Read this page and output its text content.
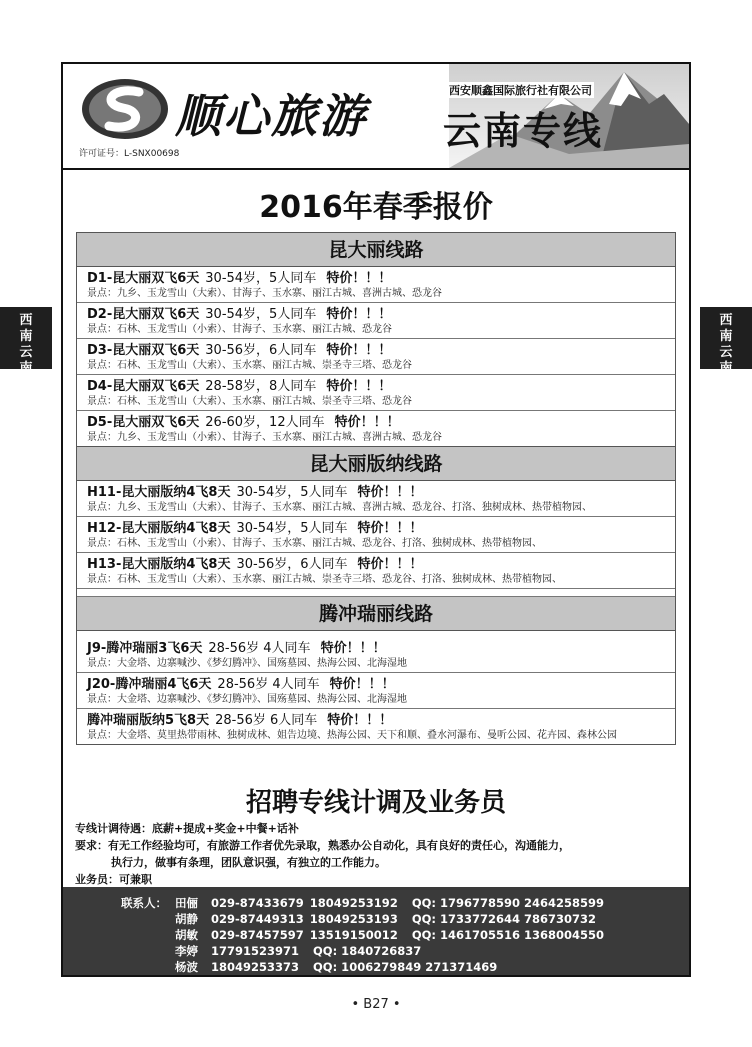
西
南
云
南
西
南
云
南
顺心旅游	西安顺鑫国际旅行社有限公司
云南专线
许可证号：L-SNX00698
2016年春季报价
昆大丽线路
D1-昆大丽双飞6天 30-54岁，5人同车 特价！！！
景点：九乡、玉龙雪山（大索）、甘海子、玉水寨、丽江古城、喜洲古城、恐龙谷
D2-昆大丽双飞6天 30-54岁，5人同车 特价！！！
景点：石林、玉龙雪山（小索）、甘海子、玉水寨、丽江古城、恐龙谷
D3-昆大丽双飞6天 30-56岁，6人同车 特价！！！
景点：石林、玉龙雪山（大索）、玉水寨、丽江古城、崇圣寺三塔、恐龙谷
D4-昆大丽双飞6天 28-58岁，8人同车 特价！！！
景点：石林、玉龙雪山（大索）、玉水寨、丽江古城、崇圣寺三塔、恐龙谷
D5-昆大丽双飞6天 26-60岁，12人同车 特价！！！
景点：九乡、玉龙雪山（小索）、甘海子、玉水寨、丽江古城、喜洲古城、恐龙谷
昆大丽版纳线路
H11-昆大丽版纳4飞8天 30-54岁，5人同车 特价！！！
景点：九乡、玉龙雪山（大索）、甘海子、玉水寨、丽江古城、喜洲古城、恐龙谷、打洛、独树成林、热带植物园、
H12-昆大丽版纳4飞8天 30-54岁，5人同车 特价！！！
景点：石林、玉龙雪山（小索）、甘海子、玉水寨、丽江古城、恐龙谷、打洛、独树成林、热带植物园、
H13-昆大丽版纳4飞8天 30-56岁，6人同车 特价！！！
景点：石林、玉龙雪山（大索）、玉水寨、丽江古城、崇圣寺三塔、恐龙谷、打洛、独树成林、热带植物园、
腾冲瑞丽线路
J9-腾冲瑞丽3飞6天 28-56岁 4人同车 特价！！！
景点：大金塔、边寨喊沙、《梦幻腾冲》、国殇墓园、热海公园、北海湿地
J20-腾冲瑞丽4飞6天 28-56岁 4人同车 特价！！！
景点：大金塔、边寨喊沙、《梦幻腾冲》、国殇墓园、热海公园、北海湿地
腾冲瑞丽版纳5飞8天 28-56岁 6人同车 特价！！！
景点：大金塔、莫里热带雨林、独树成林、姐告边境、热海公园、天下和顺、叠水河瀑布、曼听公园、花卉园、森林公园
招聘专线计调及业务员
专线计调待遇：底薪+提成+奖金+中餐+话补
要求：有无工作经验均可，有旅游工作者优先录取，熟悉办公自动化，具有良好的责任心，沟通能力，
执行力，做事有条理，团队意识强，有独立的工作能力。
业务员：可兼职
联系人： 田俪 029-87433679 18049253192 QQ: 1796778590 2464258599
胡静 029-87449313 18049253193 QQ: 1733772644 786730732
胡敏 029-87457597 13519150012 QQ: 1461705516 1368004550
李婷 17791523971 QQ: 1840726837
杨波 18049253373 QQ: 1006279849 271371469
• B27 •
